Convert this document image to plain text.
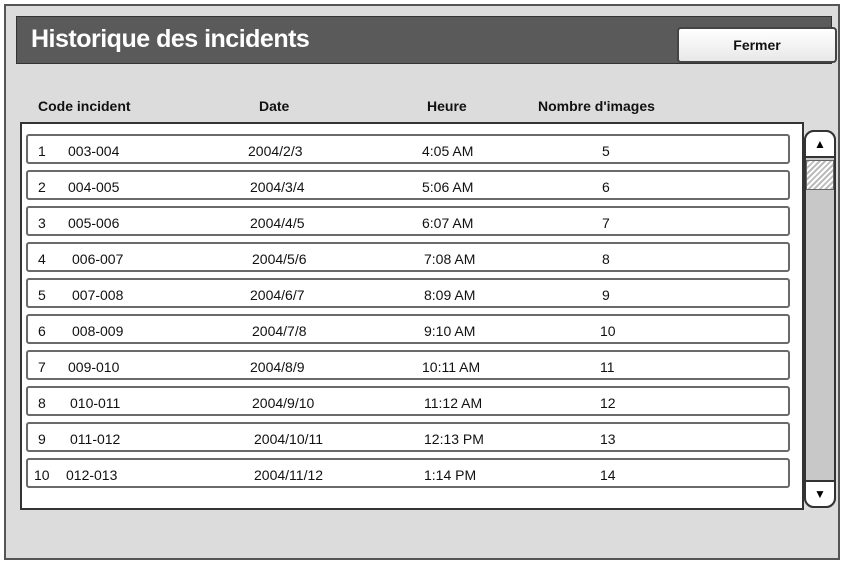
Historique des incidents	Fermer
Code incident	Date	Heure	Nombre d'images
1 003-004	2004/2/3	4:05 AM	5
2 004-005	2004/3/4	5:06 AM	6
3 005-006	2004/4/5	6:07 AM	7
4 006-007	2004/5/6	7:08 AM	8
5 007-008	2004/6/7	8:09 AM	9
6 008-009	2004/7/8	9:10 AM	10
7 009-010	2004/8/9	10:11 AM	11
8 010-011	2004/9/10	11:12 AM	12
9 011-012	2004/10/11	12:13 PM	13
10 012-013	2004/11/12	1:14 PM	14
▲
▼
